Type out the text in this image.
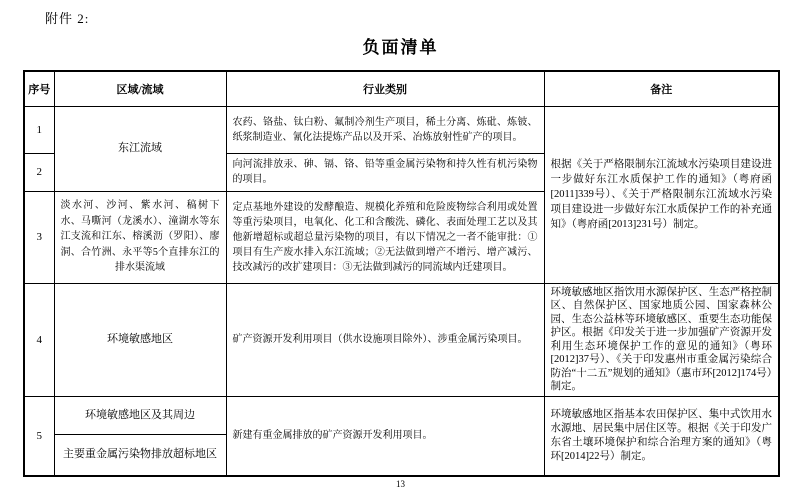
附件 2:
负面清单
序号	区域/流域	行业类别	备注
1	东江流域	农药、铬盐、钛白粉、氟制冷剂生产项目，稀土分离、炼砒、炼铍、纸浆制造业、氰化法提炼产品以及开采、冶炼放射性矿产的项目。	根据《关于严格限制东江流域水污染项目建设进一步做好东江水质保护工作的通知》（粤府函[2011]339号）、《关于严格限制东江流域水污染项目建设进一步做好东江水质保护工作的补充通知》（粤府函[2013]231号）制定。
2		向河流排放汞、砷、镉、铬、铅等重金属污染物和持久性有机污染物的项目。	
3	淡水河、沙河、紫水河、稿树下水、马嘶河（龙溪水）、潼湖水等东江支流和江东、榕溪沥（罗阳）、廖洞、合竹洲、永平等5个直排东江的排水渠流域	定点基地外建设的发酵酿造、规模化养殖和危险废物综合利用或处置等重污染项目，电氧化、化工和含酸洗、磷化、表面处理工艺以及其他新增超标或超总量污染物的项目，有以下情况之一者不能审批：①项目有生产废水排入东江流域；②无法做到增产不增污、增产减污、技改减污的改扩建项目：③无法做到减污的同流域内迁建项目。	
4	环境敏感地区	矿产资源开发利用项目（供水设施项目除外）、涉重金属污染项目。	环境敏感地区指饮用水源保护区、生态严格控制区、自然保护区、国家地质公园、国家森林公园、生态公益林等环境敏感区、重要生态功能保护区。根据《印发关于进一步加强矿产资源开发利用生态环境保护工作的意见的通知》（粤环[2012]37号）、《关于印发惠州市重金属污染综合防治“十二五”规划的通知》（惠市环[2012]174号）制定。
5	环境敏感地区及其周边	新建有重金属排放的矿产资源开发利用项目。	环境敏感地区指基本农田保护区、集中式饮用水水源地、居民集中居住区等。根据《关于印发广东省土壤环境保护和综合治理方案的通知》（粤环[2014]22号）制定。
	主要重金属污染物排放超标地区		
13
